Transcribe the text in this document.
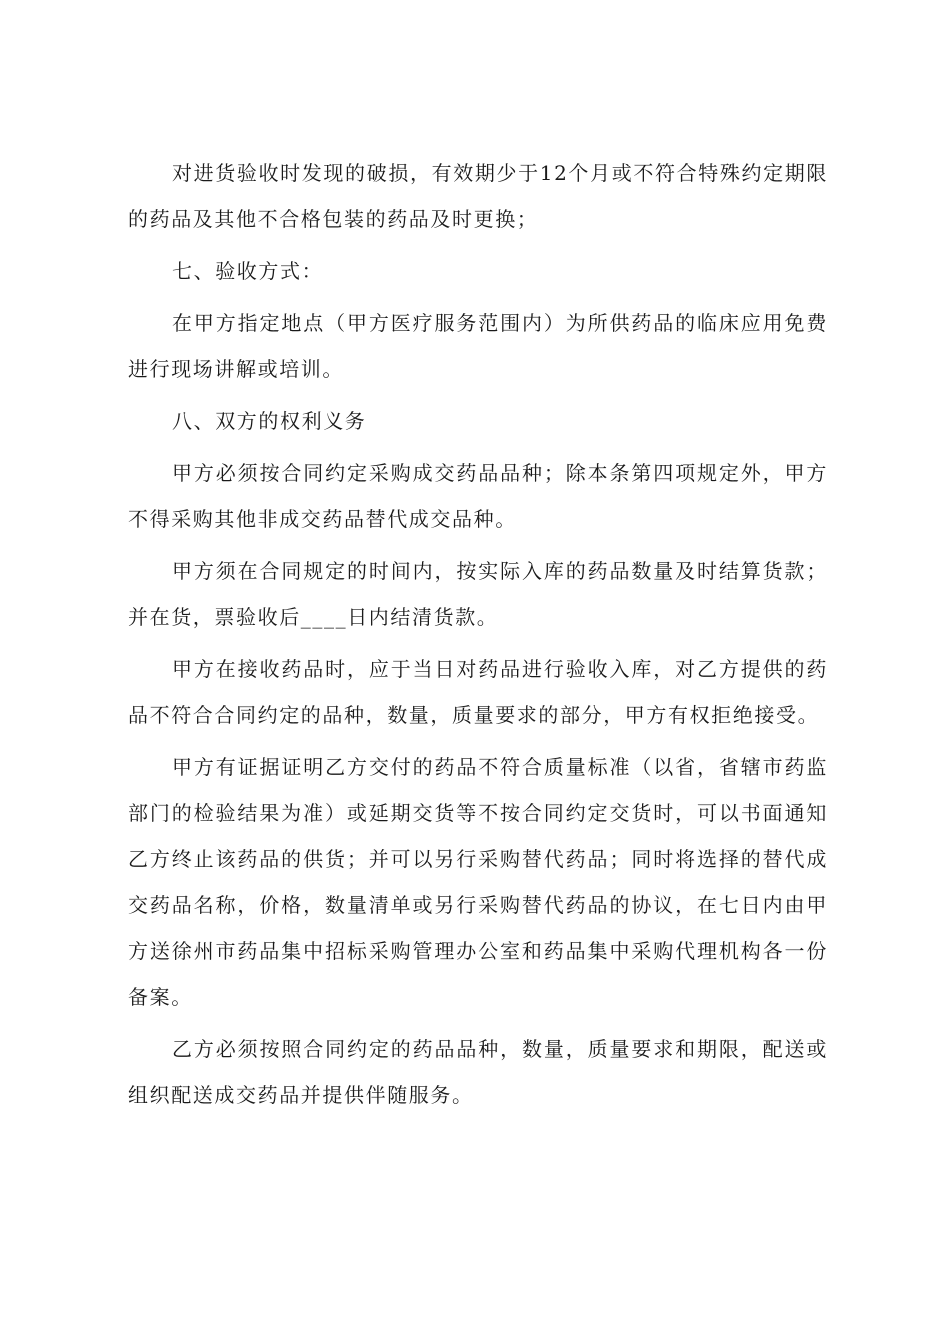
对进货验收时发现的破损，有效期少于12个月或不符合特殊约定期限的药品及其他不合格包装的药品及时更换；

七、验收方式：

在甲方指定地点（甲方医疗服务范围内）为所供药品的临床应用免费进行现场讲解或培训。

八、双方的权利义务

甲方必须按合同约定采购成交药品品种；除本条第四项规定外，甲方不得采购其他非成交药品替代成交品种。

甲方须在合同规定的时间内，按实际入库的药品数量及时结算货款；并在货，票验收后____日内结清货款。

甲方在接收药品时，应于当日对药品进行验收入库，对乙方提供的药品不符合合同约定的品种，数量，质量要求的部分，甲方有权拒绝接受。

甲方有证据证明乙方交付的药品不符合质量标准（以省，省辖市药监部门的检验结果为准）或延期交货等不按合同约定交货时，可以书面通知乙方终止该药品的供货；并可以另行采购替代药品；同时将选择的替代成交药品名称，价格，数量清单或另行采购替代药品的协议，在七日内由甲方送徐州市药品集中招标采购管理办公室和药品集中采购代理机构各一份备案。

乙方必须按照合同约定的药品品种，数量，质量要求和期限，配送或组织配送成交药品并提供伴随服务。
